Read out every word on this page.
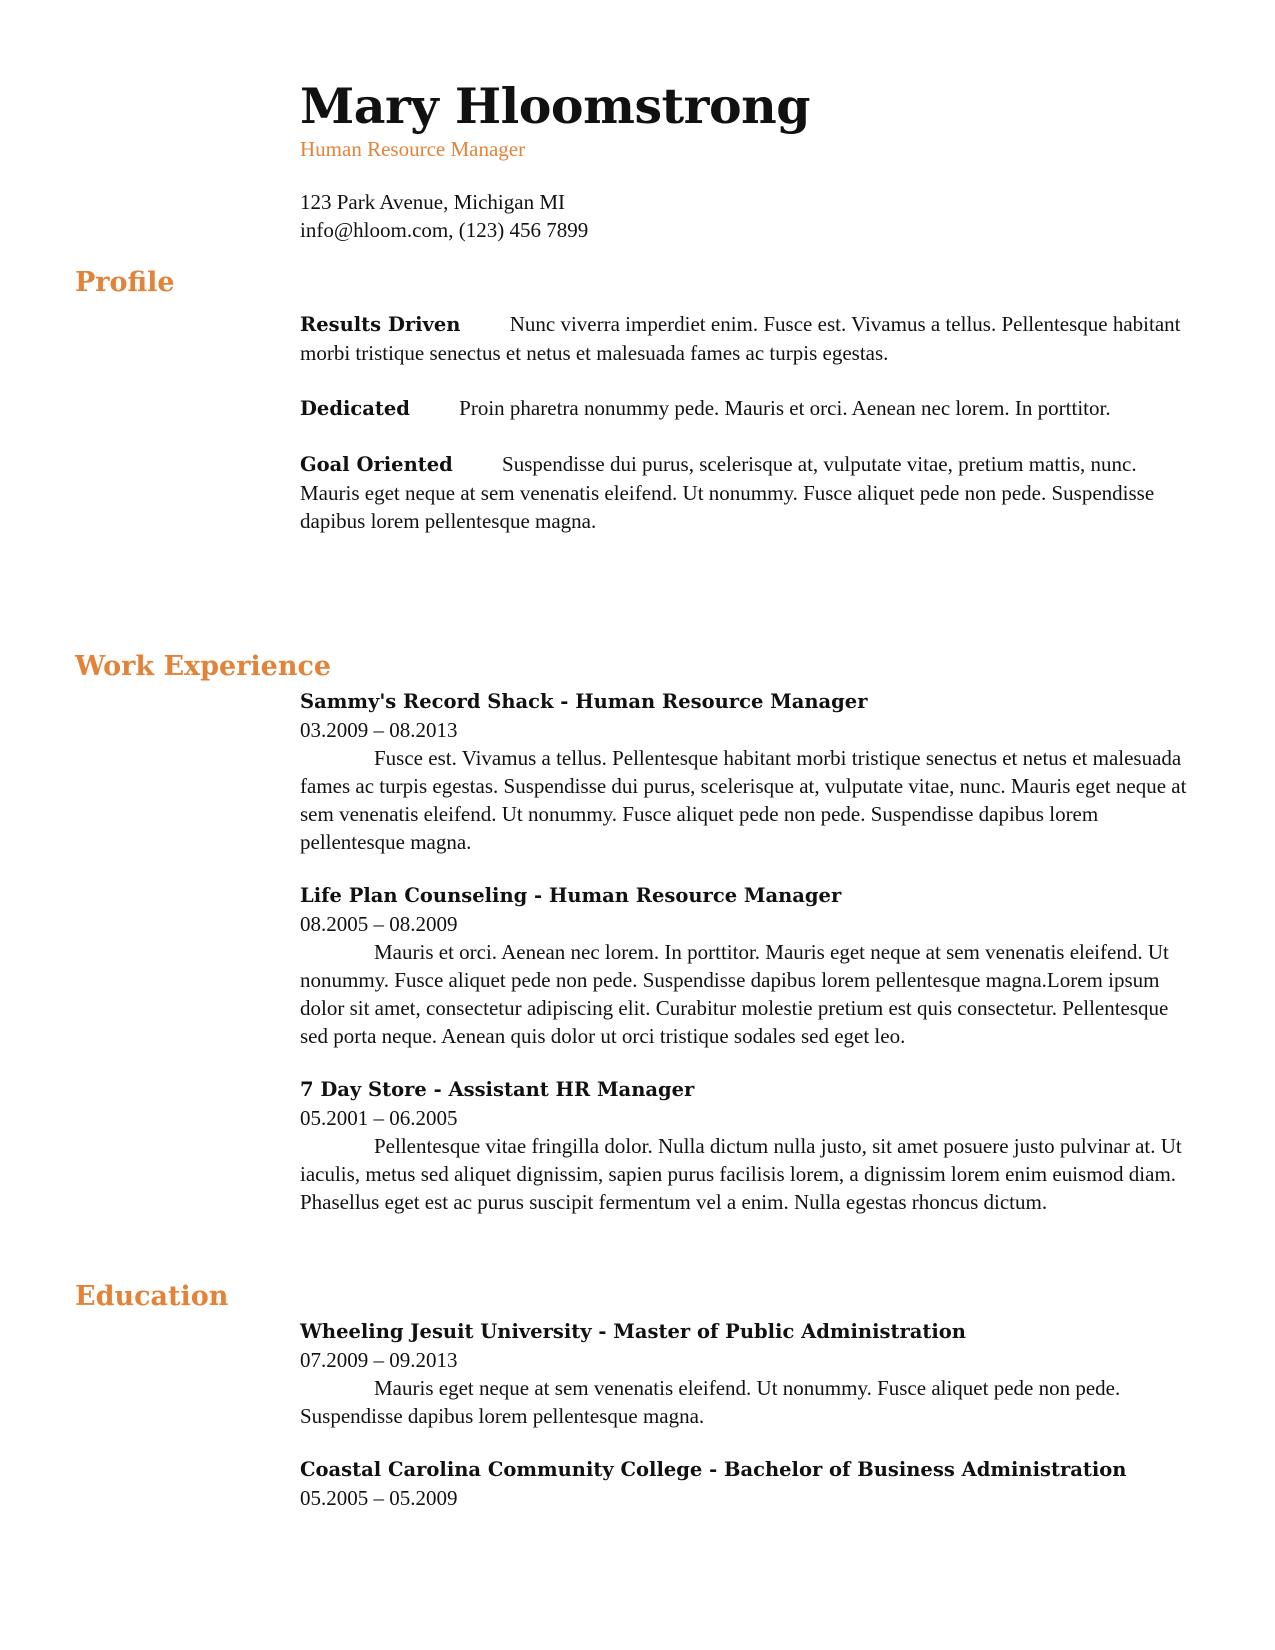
Mary Hloomstrong
Human Resource Manager
123 Park Avenue, Michigan MI
info@hloom.com, (123) 456 7899
Profile
Results Driven Nunc viverra imperdiet enim. Fusce est. Vivamus a tellus. Pellentesque habitant morbi tristique senectus et netus et malesuada fames ac turpis egestas.
Dedicated Proin pharetra nonummy pede. Mauris et orci. Aenean nec lorem. In porttitor.
Goal Oriented Suspendisse dui purus, scelerisque at, vulputate vitae, pretium mattis, nunc. Mauris eget neque at sem venenatis eleifend. Ut nonummy. Fusce aliquet pede non pede. Suspendisse dapibus lorem pellentesque magna.
Work Experience
Sammy's Record Shack - Human Resource Manager
03.2009 – 08.2013
Fusce est. Vivamus a tellus. Pellentesque habitant morbi tristique senectus et netus et malesuada fames ac turpis egestas. Suspendisse dui purus, scelerisque at, vulputate vitae, nunc. Mauris eget neque at sem venenatis eleifend. Ut nonummy. Fusce aliquet pede non pede. Suspendisse dapibus lorem pellentesque magna.
Life Plan Counseling - Human Resource Manager
08.2005 – 08.2009
Mauris et orci. Aenean nec lorem. In porttitor. Mauris eget neque at sem venenatis eleifend. Ut nonummy. Fusce aliquet pede non pede. Suspendisse dapibus lorem pellentesque magna.Lorem ipsum dolor sit amet, consectetur adipiscing elit. Curabitur molestie pretium est quis consectetur. Pellentesque sed porta neque. Aenean quis dolor ut orci tristique sodales sed eget leo.
7 Day Store - Assistant HR Manager
05.2001 – 06.2005
Pellentesque vitae fringilla dolor. Nulla dictum nulla justo, sit amet posuere justo pulvinar at. Ut iaculis, metus sed aliquet dignissim, sapien purus facilisis lorem, a dignissim lorem enim euismod diam. Phasellus eget est ac purus suscipit fermentum vel a enim. Nulla egestas rhoncus dictum.
Education
Wheeling Jesuit University - Master of Public Administration
07.2009 – 09.2013
Mauris eget neque at sem venenatis eleifend. Ut nonummy. Fusce aliquet pede non pede. Suspendisse dapibus lorem pellentesque magna.
Coastal Carolina Community College - Bachelor of Business Administration
05.2005 – 05.2009
